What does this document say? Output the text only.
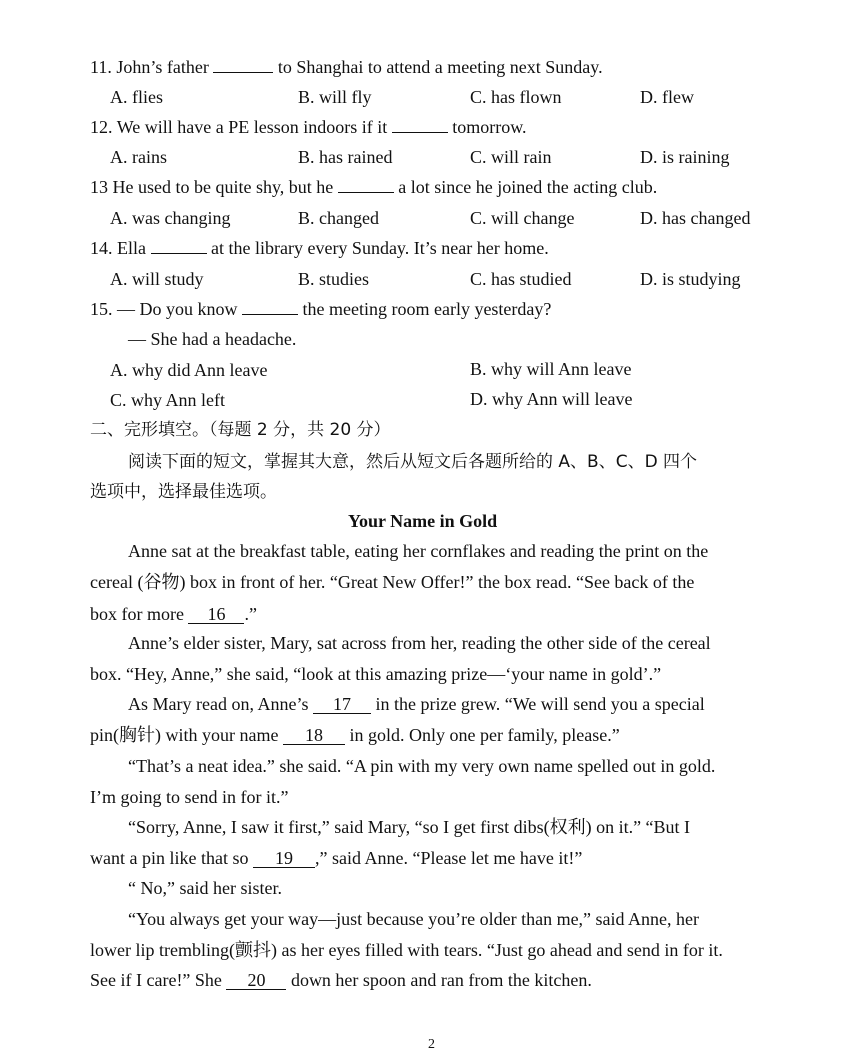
11. John’s father	to Shanghai to attend a meeting next Sunday.
A. flies	B. will fly	C. has flown	D. flew
12. We will have a PE lesson indoors if it	tomorrow.
A. rains	B. has rained	C. will rain	D. is raining
13 He used to be quite shy, but he	a lot since he joined the acting club.
A. was changing	B. changed	C. will change	D. has changed
14. Ella	at the library every Sunday. It’s near her home.
A. will study	B. studies	C. has studied	D. is studying
15. — Do you know	the meeting room early yesterday?
— She had a headache.
A. why did Ann leave	B. why will Ann leave
C. why Ann left	D. why Ann will leave
二、完形填空。（每题 2 分，共 20 分）
阅读下面的短文，掌握其大意，然后从短文后各题所给的 A、B、C、D 四个
选项中，选择最佳选项。
Your Name in Gold
Anne sat at the breakfast table, eating her cornflakes and reading the print on the
cereal (谷物) box in front of her. “Great New Offer!” the box read. “See back of the
box for more 16 .”
Anne’s elder sister, Mary, sat across from her, reading the other side of the cereal
box. “Hey, Anne,” she said, “look at this amazing prize—‘your name in gold’.”
As Mary read on, Anne’s 17 in the prize grew. “We will send you a special
pin(胸针) with your name 18 in gold. Only one per family, please.”
“That’s a neat idea.” she said. “A pin with my very own name spelled out in gold.
I’m going to send in for it.”
“Sorry, Anne, I saw it first,” said Mary, “so I get first dibs(权利) on it.” “But I
want a pin like that so 19 ,” said Anne. “Please let me have it!”
“ No,” said her sister.
“You always get your way—just because you’re older than me,” said Anne, her
lower lip trembling(颤抖) as her eyes filled with tears. “Just go ahead and send in for it.
See if I care!” She 20 down her spoon and ran from the kitchen.
2
